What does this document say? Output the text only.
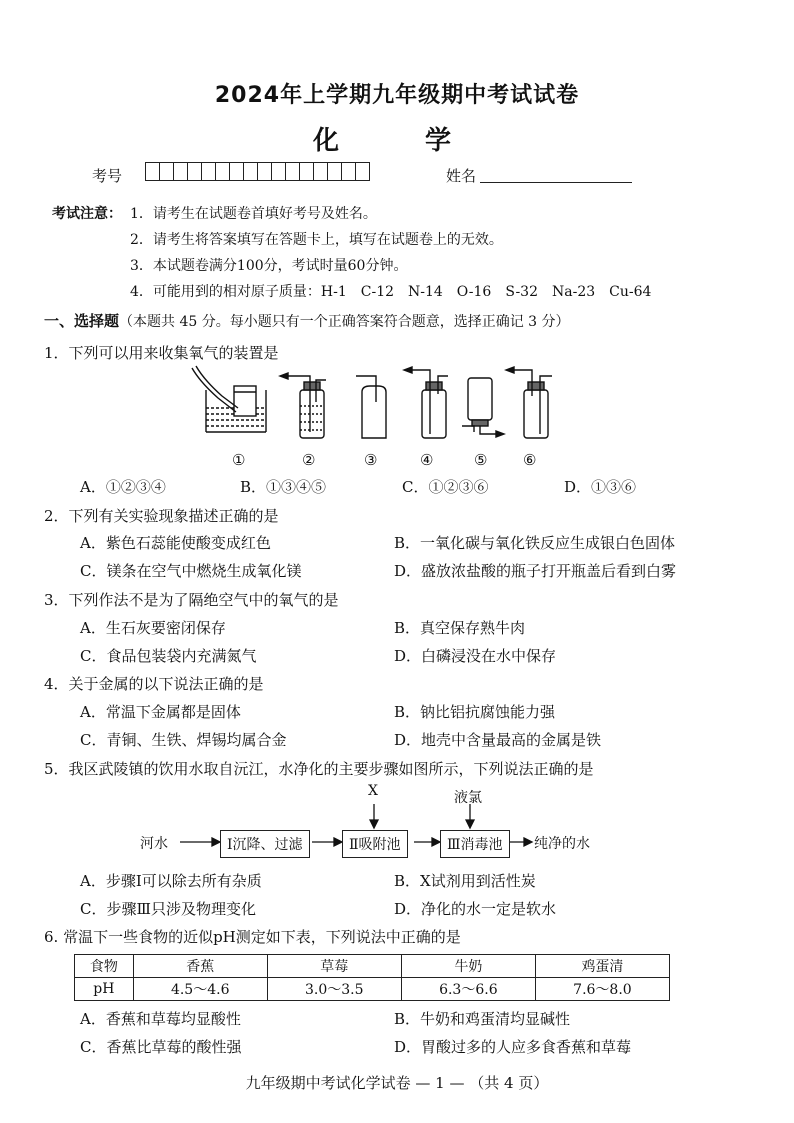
2024年上学期九年级期中考试试卷
化　学
考号	姓名
考试注意： 1．请考生在试题卷首填好考号及姓名。
2．请考生将答案填写在答题卡上，填写在试题卷上的无效。
3．本试题卷满分100分，考试时量60分钟。
4．可能用到的相对原子质量：H-1　C-12　N-14　O-16　S-32　Na-23　Cu-64
一、选择题（本题共 45 分。每小题只有一个正确答案符合题意，选择正确记 3 分）
1．下列可以用来收集氧气的装置是
①	②	③	④	⑤ ⑥
A．①②③④	B．①③④⑤	C．①②③⑥	D．①③⑥
2．下列有关实验现象描述正确的是
A．紫色石蕊能使酸变成红色	B．一氧化碳与氧化铁反应生成银白色固体
C．镁条在空气中燃烧生成氧化镁	D．盛放浓盐酸的瓶子打开瓶盖后看到白雾
3．下列作法不是为了隔绝空气中的氧气的是
A．生石灰要密闭保存	B．真空保存熟牛肉
C．食品包装袋内充满氮气	D．白磷浸没在水中保存
4．关于金属的以下说法正确的是
A．常温下金属都是固体	B．钠比铝抗腐蚀能力强
C．青铜、生铁、焊锡均属合金	D．地壳中含量最高的金属是铁
5．我区武陵镇的饮用水取自沅江，水净化的主要步骤如图所示，下列说法正确的是
X	液氯
河水	Ⅰ沉降、过滤	Ⅱ吸附池	Ⅲ消毒池	纯净的水
A．步骤Ⅰ可以除去所有杂质	B．X试剂用到活性炭
C．步骤Ⅲ只涉及物理变化	D．净化的水一定是软水
6. 常温下一些食物的近似pH测定如下表，下列说法中正确的是
食物	香蕉	草莓	牛奶	鸡蛋清
pH	4.5～4.6	3.0～3.5	6.3～6.6	7.6～8.0
A．香蕉和草莓均显酸性	B．牛奶和鸡蛋清均显碱性
C．香蕉比草莓的酸性强	D．胃酸过多的人应多食香蕉和草莓
九年级期中考试化学试卷 — 1 — （共 4 页）
